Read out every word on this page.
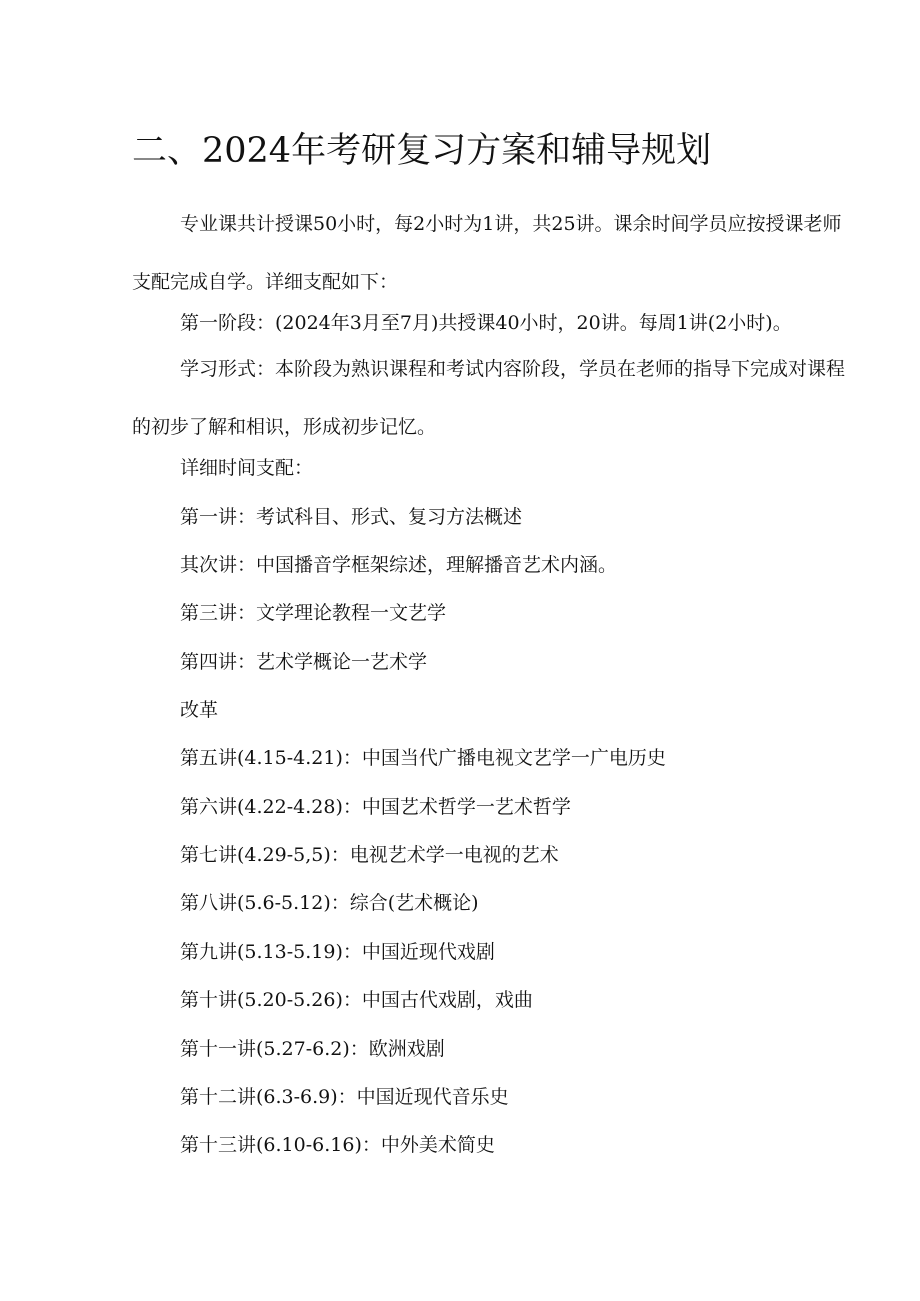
二、2024年考研复习方案和辅导规划

专业课共计授课50小时，每2小时为1讲，共25讲。课余时间学员应按授课老师支配完成自学。详细支配如下：

第一阶段：(2024年3月至7月)共授课40小时，20讲。每周1讲(2小时)。

学习形式：本阶段为熟识课程和考试内容阶段，学员在老师的指导下完成对课程的初步了解和相识，形成初步记忆。

详细时间支配：

第一讲：考试科目、形式、复习方法概述

其次讲：中国播音学框架综述，理解播音艺术内涵。

第三讲：文学理论教程一文艺学

第四讲：艺术学概论一艺术学

改革

第五讲(4.15-4.21)：中国当代广播电视文艺学一广电历史

第六讲(4.22-4.28)：中国艺术哲学一艺术哲学

第七讲(4.29-5,5)：电视艺术学一电视的艺术

第八讲(5.6-5.12)：综合(艺术概论)

第九讲(5.13-5.19)：中国近现代戏剧

第十讲(5.20-5.26)：中国古代戏剧，戏曲

第十一讲(5.27-6.2)：欧洲戏剧

第十二讲(6.3-6.9)：中国近现代音乐史

第十三讲(6.10-6.16)：中外美术简史
